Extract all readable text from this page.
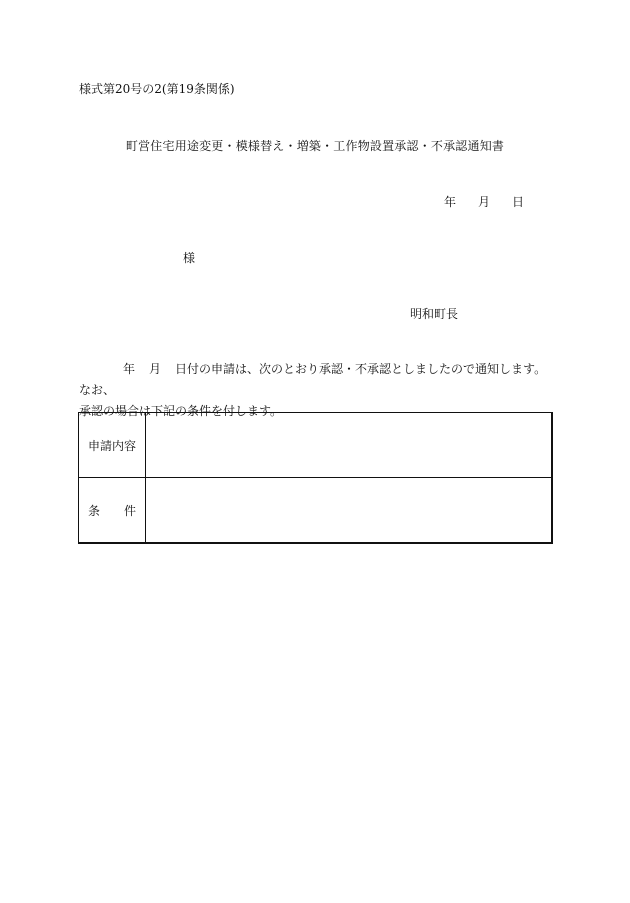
様式第20号の2(第19条関係)
町営住宅用途変更・模様替え・増築・工作物設置承認・不承認通知書
年 月 日
様
明和町長
年 月 日付の申請は、次のとおり承認・不承認としましたので通知します。なお、
承認の場合は下記の条件を付します。
申請内容	
条　　件	
